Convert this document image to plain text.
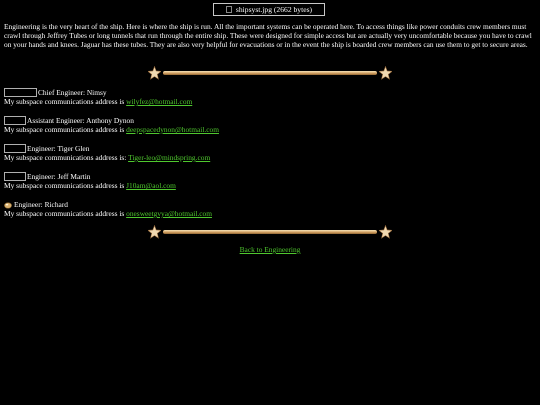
shipsyst.jpg (2662 bytes)

Engineering is the very heart of the ship. Here is where the ship is run. All the important systems can be operated here. To access things like power conduits crew members must crawl through Jeffrey Tubes or long tunnels that run through the entire ship. These were designed for simple access but are actually very uncomfortable because you have to crawl on your hands and knees. Jaguar has these tubes. They are also very helpful for evacuations or in the event the ship is boarded crew members can use them to get to secure areas.

Chief Engineer: Nimsy
My subspace communications address is wilyfez@hotmail.com
Assistant Engineer: Anthony Dynon
My subspace communications address is deepspacedynon@hotmail.com
Engineer: Tiger Glen
My subspace communications address is: Tiger-leo@mindspring.com
Engineer: Jeff Martin
My subspace communications address is J10am@aol.com
Engineer: Richard
My subspace communications address is onesweetgvya@hotmail.com
Back to Engineering
